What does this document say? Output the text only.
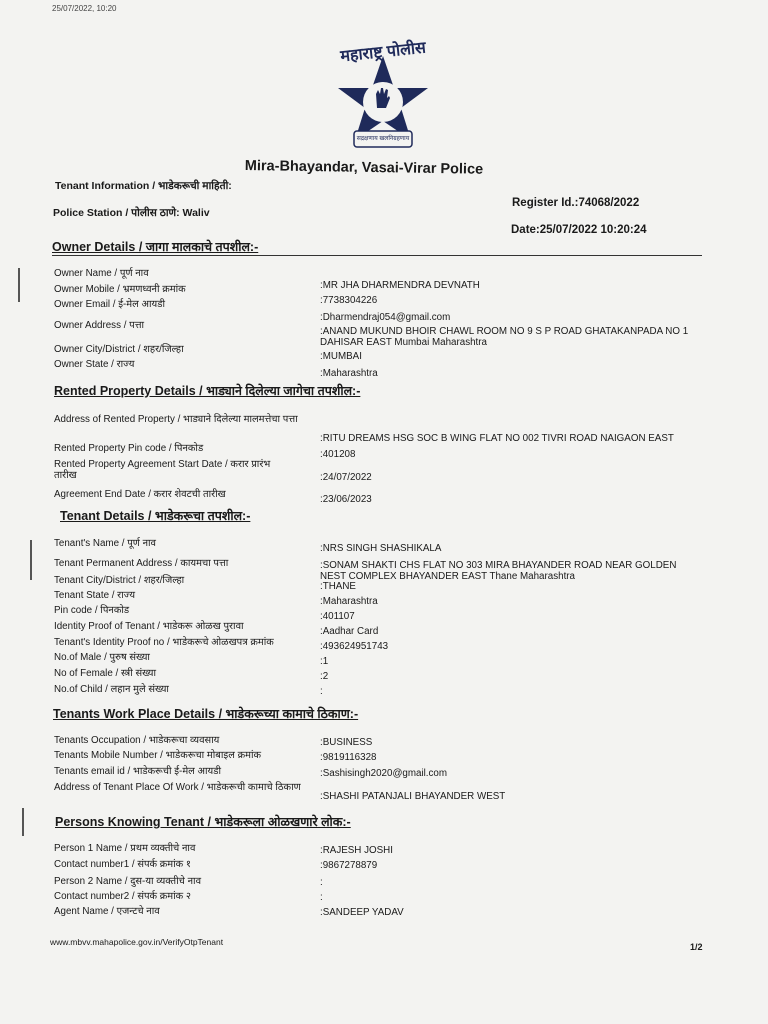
25/07/2022, 10:20
महाराष्ट्र पोलीस
सद्रक्षणाय खलनिग्रहणाय
Mira-Bhayandar, Vasai-Virar Police
Tenant Information / भाडेकरूची माहिती:
Register Id.:74068/2022
Police Station / पोलीस ठाणे: Waliv
Date:25/07/2022 10:20:24
Owner Details / जागा मालकाचे तपशील:-
Owner Name / पूर्ण नाव
:MR JHA DHARMENDRA DEVNATH
Owner Mobile / भ्रमणध्वनी क्रमांक
:7738304226
Owner Email / ई-मेल आयडी
:Dharmendraj054@gmail.com
Owner Address / पत्ता
:ANAND MUKUND BHOIR CHAWL ROOM NO 9 S P ROAD GHATAKANPADA NO 1 DAHISAR EAST Mumbai Maharashtra
Owner City/District / शहर/जिल्हा
:MUMBAI
Owner State / राज्य
:Maharashtra
Rented Property Details / भाड्याने दिलेल्या जागेचा तपशील:-
Address of Rented Property / भाड्याने दिलेल्या मालमत्तेचा पत्ता
:RITU DREAMS HSG SOC B WING FLAT NO 002 TIVRI ROAD NAIGAON EAST
Rented Property Pin code / पिनकोड
:401208
Rented Property Agreement Start Date / करार प्रारंभ तारीख	:24/07/2022
Agreement End Date / करार शेवटची तारीख	:23/06/2023
Tenant Details / भाडेकरूचा तपशील:-
Tenant's Name / पूर्ण नाव	:NRS SINGH SHASHIKALA
Tenant Permanent Address / कायमचा पत्ता	:SONAM SHAKTI CHS FLAT NO 303 MIRA BHAYANDER ROAD NEAR GOLDEN NEST COMPLEX BHAYANDER EAST Thane Maharashtra
Tenant City/District / शहर/जिल्हा
:THANE
Tenant State / राज्य
:Maharashtra
Pin code / पिनकोड
:401107
Identity Proof of Tenant / भाडेकरू ओळख पुरावा	:Aadhar Card
Tenant's Identity Proof no / भाडेकरूचे ओळखपत्र क्रमांक	:493624951743
No.of Male / पुरुष संख्या	:1
No of Female / स्त्री संख्या	:2
No.of Child / लहान मुले संख्या	:
Tenants Work Place Details / भाडेकरूच्या कामाचे ठिकाण:-
Tenants Occupation / भाडेकरूचा व्यवसाय	:BUSINESS
Tenants Mobile Number / भाडेकरूचा मोबाइल क्रमांक	:9819116328
Tenants email id / भाडेकरूची ई-मेल आयडी	:Sashisingh2020@gmail.com
Address of Tenant Place Of Work / भाडेकरूची कामाचे ठिकाण
:SHASHI PATANJALI BHAYANDER WEST
Persons Knowing Tenant / भाडेकरूला ओळखणारे लोक:-
Person 1 Name / प्रथम व्यक्तीचे नाव	:RAJESH JOSHI
Contact number1 / संपर्क क्रमांक १	:9867278879
Person 2 Name / दुस-या व्यक्तीचे नाव	:
Contact number2 / संपर्क क्रमांक २	:
Agent Name / एजन्टचे नाव	:SANDEEP YADAV
www.mbvv.mahapolice.gov.in/VerifyOtpTenant	1/2
